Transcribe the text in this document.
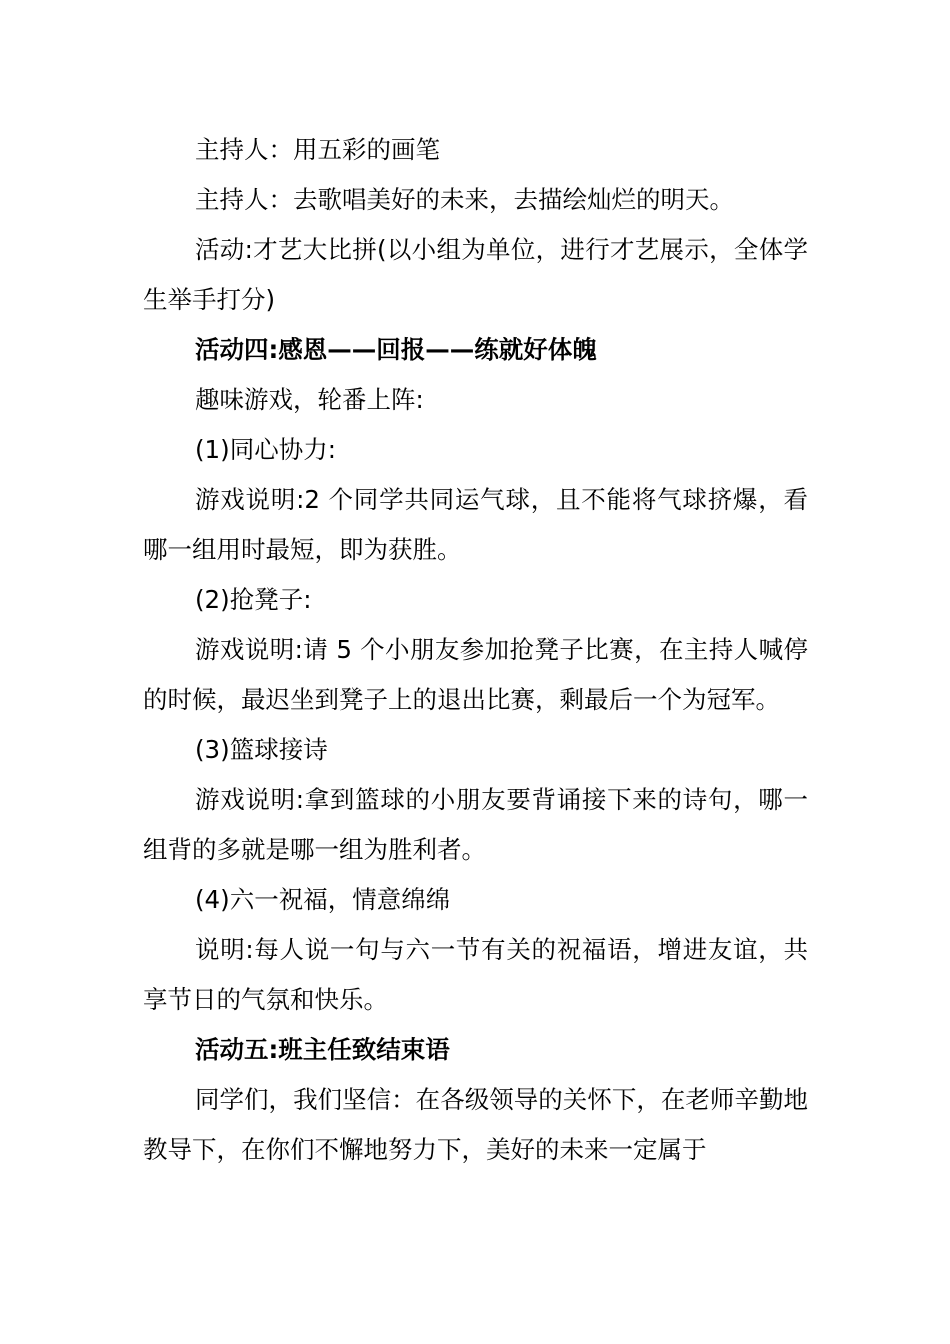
主持人：用五彩的画笔

主持人：去歌唱美好的未来，去描绘灿烂的明天。

活动:才艺大比拼(以小组为单位，进行才艺展示，全体学生举手打分)

活动四:感恩——回报——练就好体魄

趣味游戏，轮番上阵:

(1)同心协力:

游戏说明:2 个同学共同运气球，且不能将气球挤爆，看哪一组用时最短，即为获胜。

(2)抢凳子:

游戏说明:请 5 个小朋友参加抢凳子比赛，在主持人喊停的时候，最迟坐到凳子上的退出比赛，剩最后一个为冠军。

(3)篮球接诗

游戏说明:拿到篮球的小朋友要背诵接下来的诗句，哪一组背的多就是哪一组为胜利者。

(4)六一祝福，情意绵绵

说明:每人说一句与六一节有关的祝福语，增进友谊，共享节日的气氛和快乐。

活动五:班主任致结束语

同学们，我们坚信：在各级领导的关怀下，在老师辛勤地教导下，在你们不懈地努力下，美好的未来一定属于
